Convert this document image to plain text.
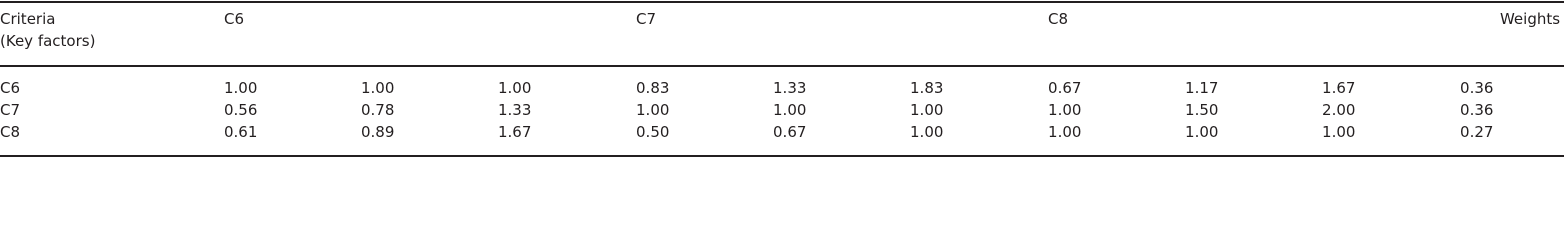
Criteria
(Key factors)	C6			C7			C8			Weights
C6	1.00	1.00	1.00	0.83	1.33	1.83	0.67	1.17	1.67	0.36
C7	0.56	0.78	1.33	1.00	1.00	1.00	1.00	1.50	2.00	0.36
C8	0.61	0.89	1.67	0.50	0.67	1.00	1.00	1.00	1.00	0.27
